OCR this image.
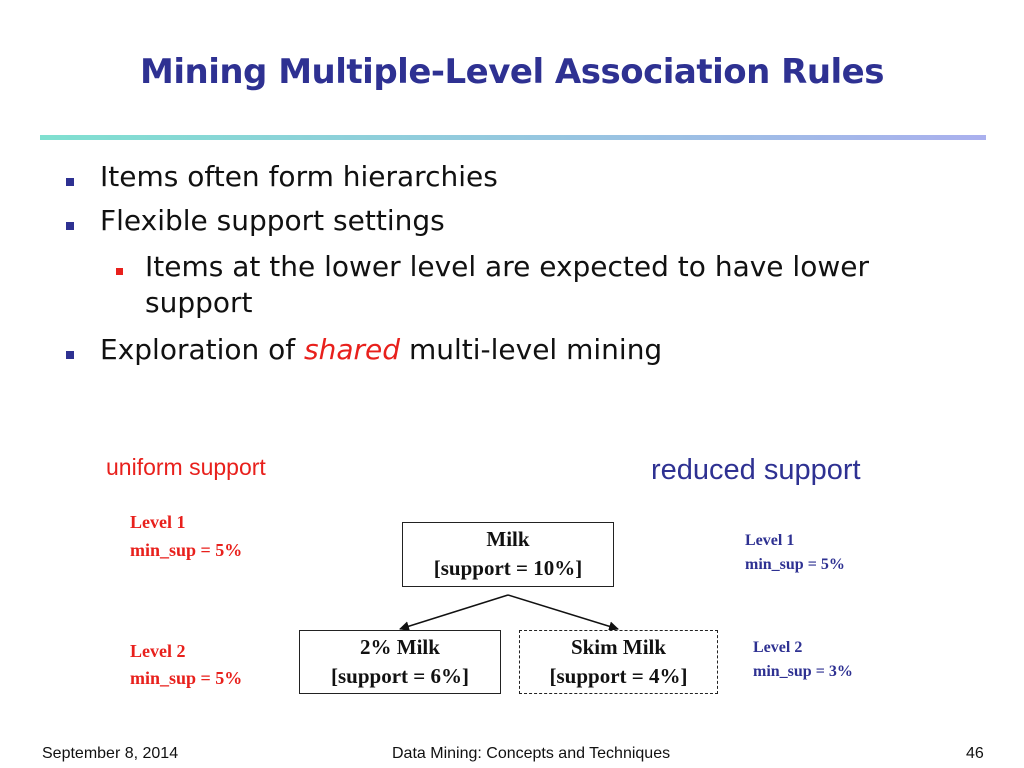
Mining Multiple-Level Association Rules
Items often form hierarchies
Flexible support settings
Items at the lower level are expected to have lower
support
Exploration of shared multi-level mining
uniform support
Level 1
min_sup = 5%
Level 2
min_sup = 5%
reduced support
Level 1
min_sup = 5%
Level 2
min_sup = 3%
Milk
[support = 10%]
2% Milk
[support = 6%]
Skim Milk
[support = 4%]
September 8, 2014	Data Mining: Concepts and Techniques	46
